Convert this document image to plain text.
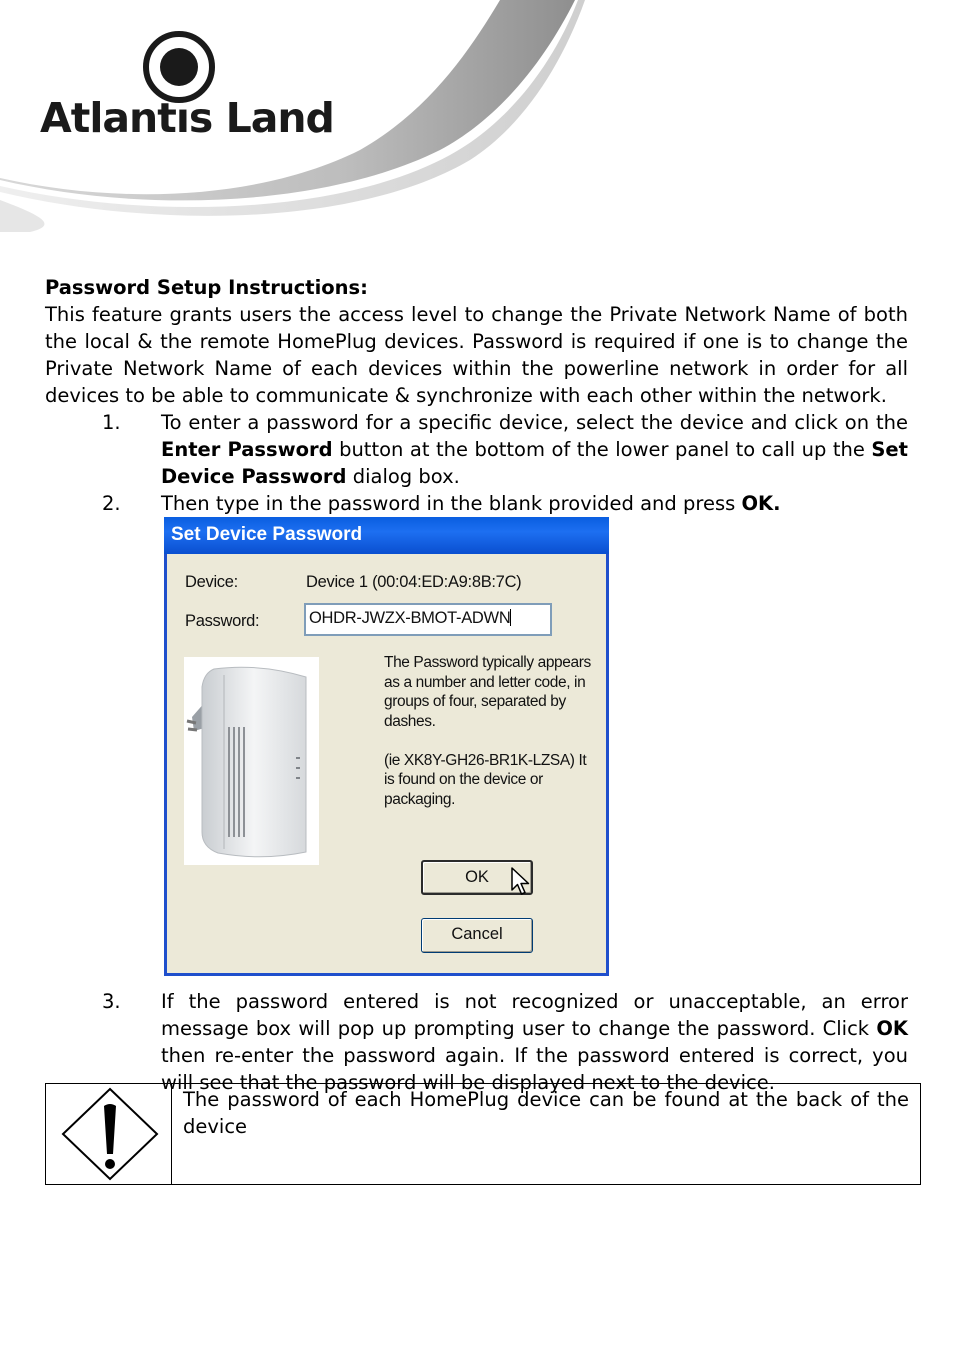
Atlantıs Land
Password Setup Instructions:
This feature grants users the access level to change the Private Network Name of both the local & the remote HomePlug devices. Password is required if one is to change the Private Network Name of each devices within the powerline network in order for all devices to be able to communicate & synchronize with each other within the network.
1. To enter a password for a specific device, select the device and click on the Enter Password button at the bottom of the lower panel to call up the Set Device Password dialog box.
2. Then type in the password in the blank provided and press OK.
3. If the password entered is not recognized or unacceptable, an error message box will pop up prompting user to change the password. Click OK then re-enter the password again. If the password entered is correct, you will see that the password will be displayed next to the device.
Set Device Password
Device:	Device 1 (00:04:ED:A9:8B:7C)
Password:	OHDR-JWZX-BMOT-ADWN

The Password typically appears as a number and letter code, in groups of four, separated by dashes.

(ie XK8Y-GH26-BR1K-LZSA) It is found on the device or packaging.

OK
Cancel
The password of each HomePlug device can be found at the back of the device
